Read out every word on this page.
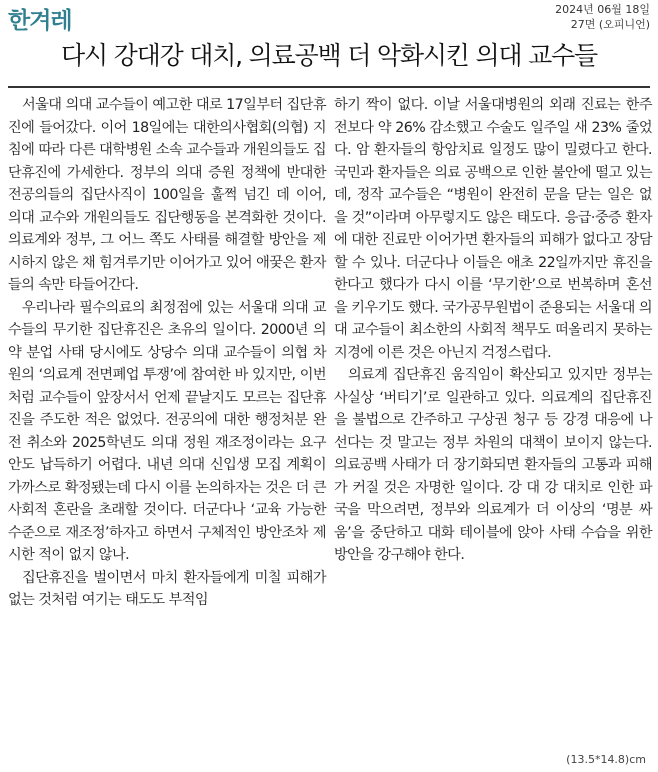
한겨레	2024년 06월 18일
27면 (오피니언)
다시 강대강 대치, 의료공백 더 악화시킨 의대 교수들

서울대 의대 교수들이 예고한 대로 17일부터 집단휴진에 들어갔다. 이어 18일에는 대한의사협회(의협) 지침에 따라 다른 대학병원 소속 교수들과 개원의들도 집단휴진에 가세한다. 정부의 의대 증원 정책에 반대한 전공의들의 집단사직이 100일을 훌쩍 넘긴 데 이어, 의대 교수와 개원의들도 집단행동을 본격화한 것이다. 의료계와 정부, 그 어느 쪽도 사태를 해결할 방안을 제시하지 않은 채 힘겨루기만 이어가고 있어 애꿎은 환자들의 속만 타들어간다.

우리나라 필수의료의 최정점에 있는 서울대 의대 교수들의 무기한 집단휴진은 초유의 일이다. 2000년 의약 분업 사태 당시에도 상당수 의대 교수들이 의협 차원의 ‘의료계 전면폐업 투쟁’에 참여한 바 있지만, 이번처럼 교수들이 앞장서서 언제 끝날지도 모르는 집단휴진을 주도한 적은 없었다. 전공의에 대한 행정처분 완전 취소와 2025학년도 의대 정원 재조정이라는 요구안도 납득하기 어렵다. 내년 의대 신입생 모집 계획이 가까스로 확정됐는데 다시 이를 논의하자는 것은 더 큰 사회적 혼란을 초래할 것이다. 더군다나 ‘교육 가능한 수준으로 재조정’하자고 하면서 구체적인 방안조차 제시한 적이 없지 않나.

집단휴진을 벌이면서 마치 환자들에게 미칠 피해가 없는 것처럼 여기는 태도도 부적임

하기 짝이 없다. 이날 서울대병원의 외래 진료는 한주 전보다 약 26% 감소했고 수술도 일주일 새 23% 줄었다. 암 환자들의 항암치료 일정도 많이 밀렸다고 한다. 국민과 환자들은 의료 공백으로 인한 불안에 떨고 있는데, 정작 교수들은 “병원이 완전히 문을 닫는 일은 없을 것”이라며 아무렇지도 않은 태도다. 응급·중증 환자에 대한 진료만 이어가면 환자들의 피해가 없다고 장담할 수 있나. 더군다나 이들은 애초 22일까지만 휴진을 한다고 했다가 다시 이를 ‘무기한’으로 번복하며 혼선을 키우기도 했다. 국가공무원법이 준용되는 서울대 의대 교수들이 최소한의 사회적 책무도 떠올리지 못하는 지경에 이른 것은 아닌지 걱정스럽다.

의료계 집단휴진 움직임이 확산되고 있지만 정부는 사실상 ‘버티기’로 일관하고 있다. 의료계의 집단휴진을 불법으로 간주하고 구상권 청구 등 강경 대응에 나선다는 것 말고는 정부 차원의 대책이 보이지 않는다. 의료공백 사태가 더 장기화되면 환자들의 고통과 피해가 커질 것은 자명한 일이다. 강 대 강 대치로 인한 파국을 막으려면, 정부와 의료계가 더 이상의 ‘명분 싸움’을 중단하고 대화 테이블에 앉아 사태 수습을 위한 방안을 강구해야 한다.

(13.5*14.8)cm
